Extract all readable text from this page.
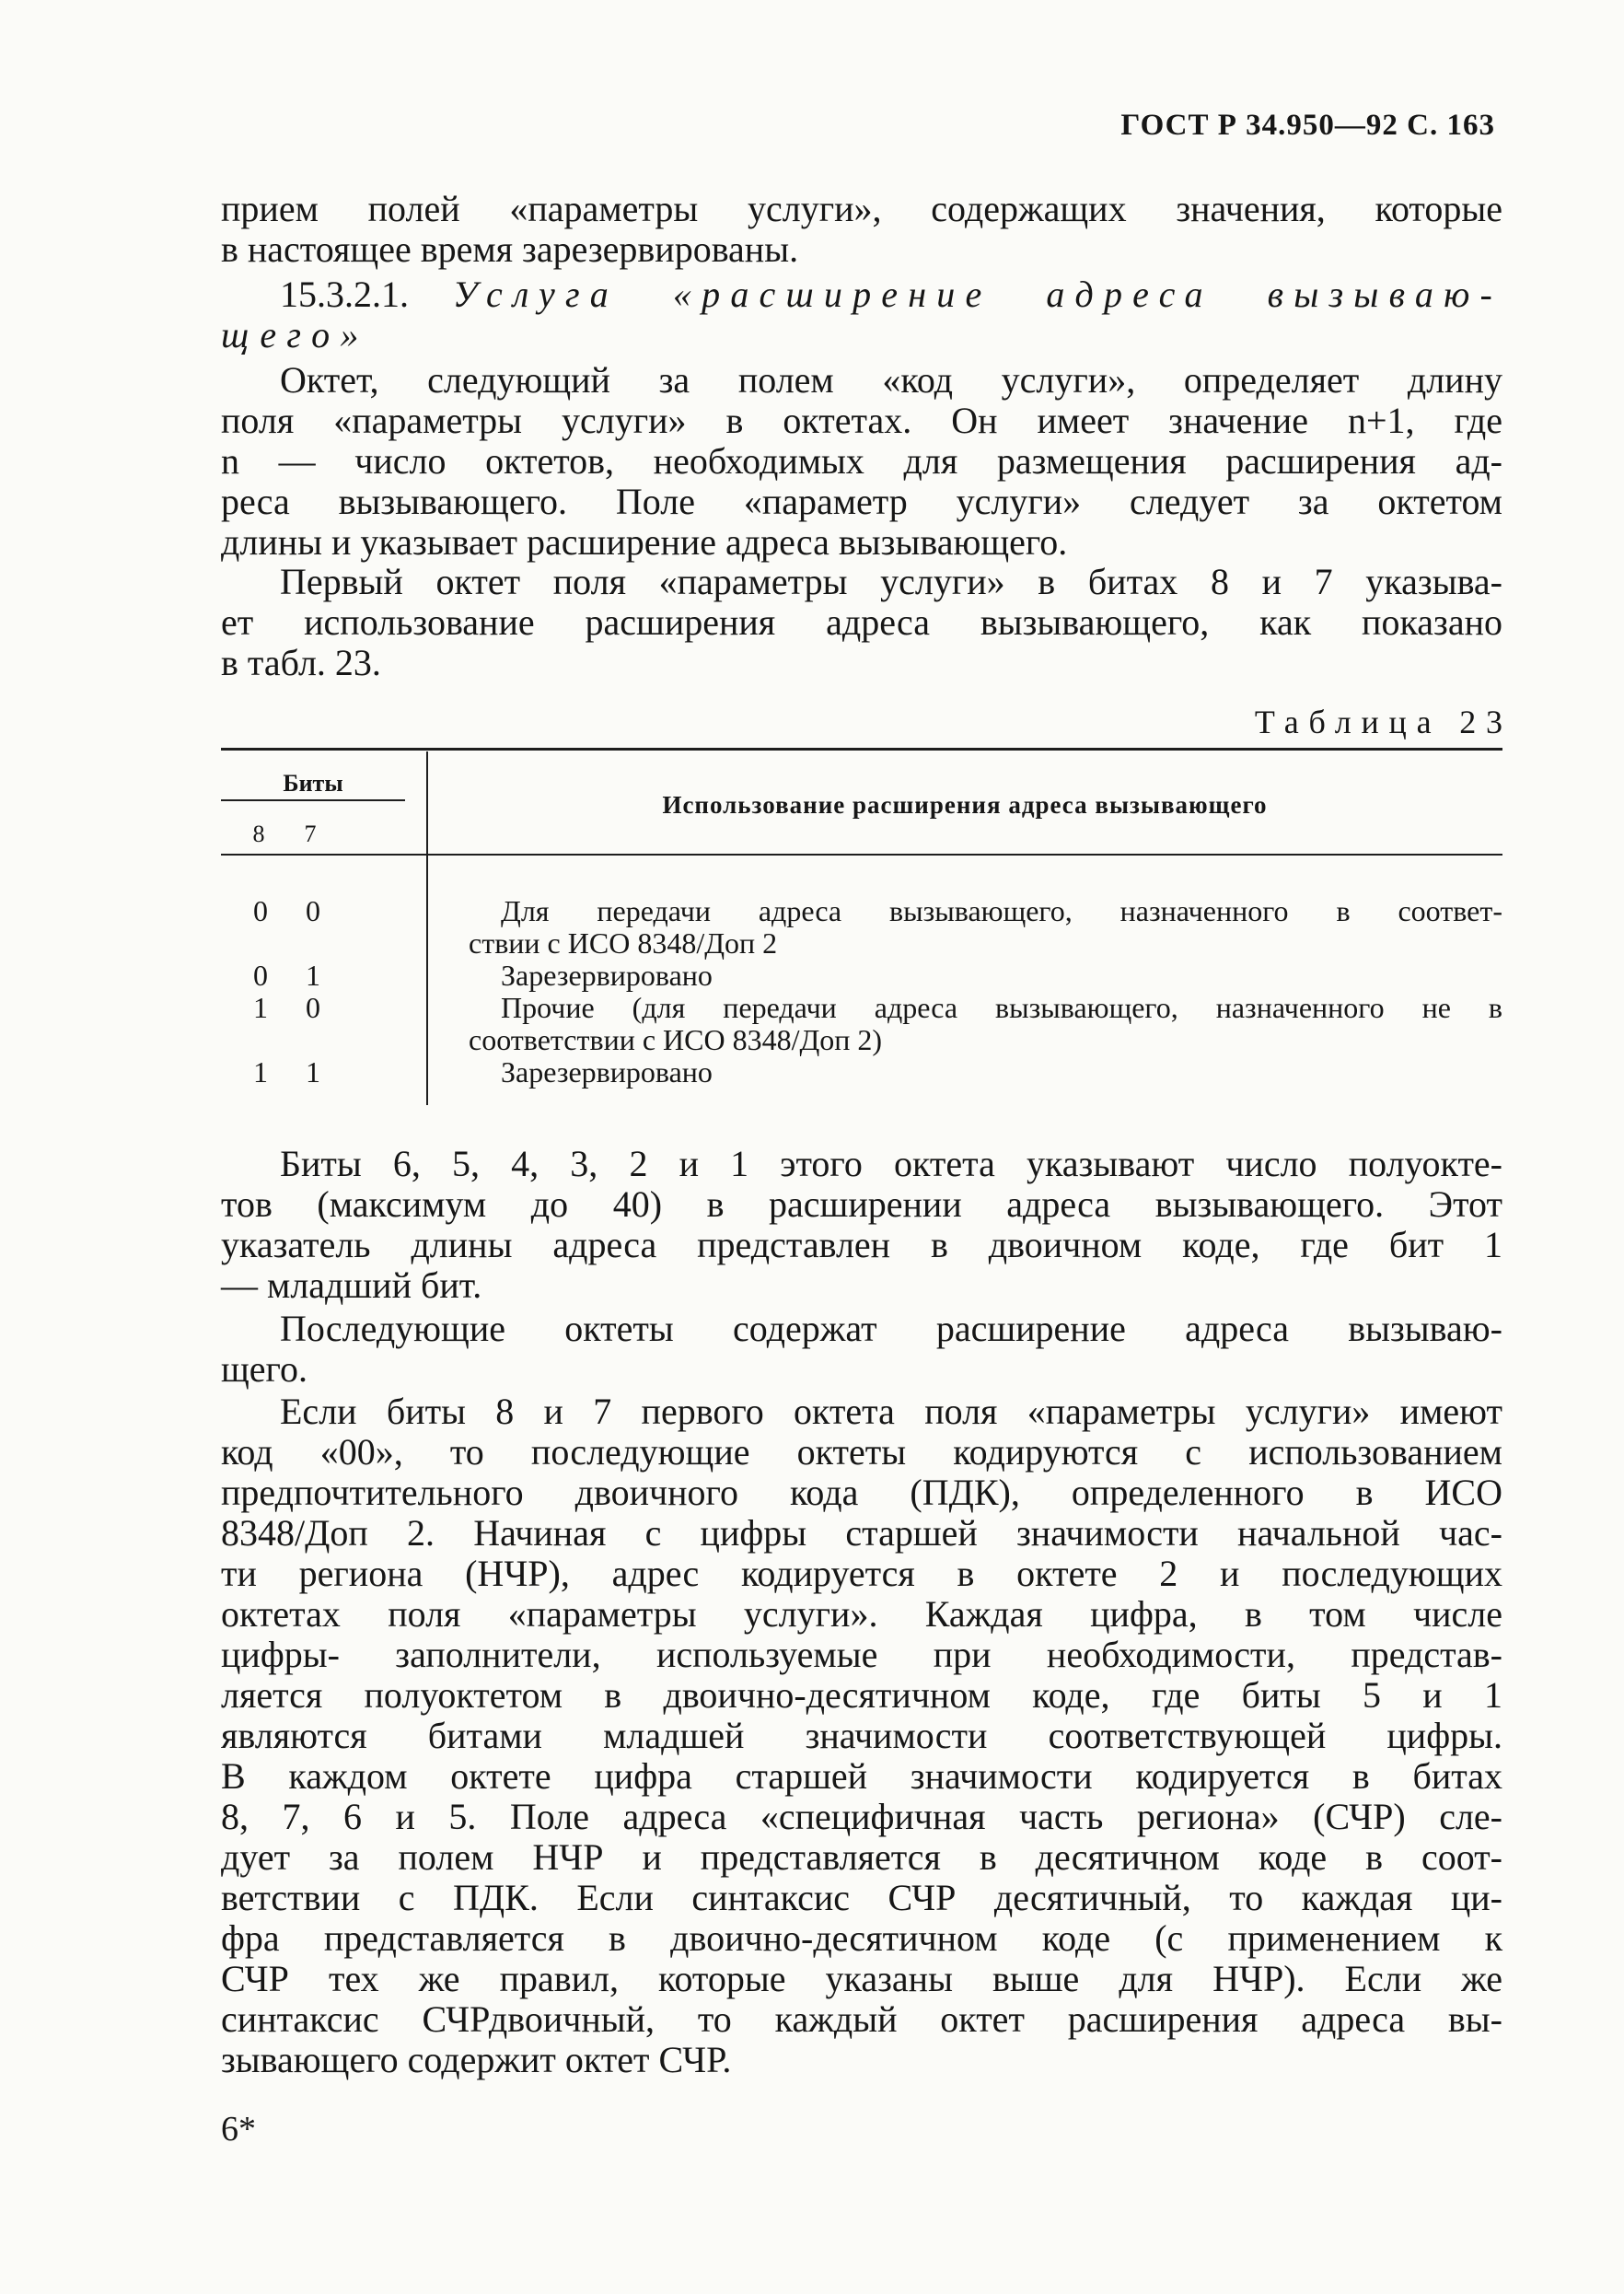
ГОСТ Р 34.950—92 С. 163
прием полей «параметры услуги», содержащих значения, которые
в настоящее время зарезервированы.
15.3.2.1. Услуга «расширение адреса вызываю-
щего»
Октет, следующий за полем «код услуги», определяет длину
поля «параметры услуги» в октетах. Он имеет значение n+1, где
n — число октетов, необходимых для размещения расширения ад-
реса вызывающего. Поле «параметр услуги» следует за октетом
длины и указывает расширение адреса вызывающего.
Первый октет поля «параметры услуги» в битах 8 и 7 указыва-
ет использование расширения адреса вызывающего, как показано
в табл. 23.
Таблица 23
Биты
8	7
Использование расширения адреса вызывающего
0 0	Для передачи адреса вызывающего, назначенного в соответ-
ствии с ИСО 8348/Доп 2
0 1	Зарезервировано
1 0	Прочие (для передачи адреса вызывающего, назначенного не в
соответствии с ИСО 8348/Доп 2)
1 1	Зарезервировано
Биты 6, 5, 4, 3, 2 и 1 этого октета указывают число полуокте-
тов (максимум до 40) в расширении адреса вызывающего. Этот
указатель длины адреса представлен в двоичном коде, где бит 1
— младший бит.
Последующие октеты содержат расширение адреса вызываю-
щего.
Если биты 8 и 7 первого октета поля «параметры услуги» имеют
код «00», то последующие октеты кодируются с использованием
предпочтительного двоичного кода (ПДК), определенного в ИСО
8348/Доп 2. Начиная с цифры старшей значимости начальной час-
ти региона (НЧР), адрес кодируется в октете 2 и последующих
октетах поля «параметры услуги». Каждая цифра, в том числе
цифры- заполнители, используемые при необходимости, представ-
ляется полуоктетом в двоично-десятичном коде, где биты 5 и 1
являются битами младшей значимости соответствующей цифры.
В каждом октете цифра старшей значимости кодируется в битах
8, 7, 6 и 5. Поле адреса «специфичная часть региона» (СЧР) сле-
дует за полем НЧР и представляется в десятичном коде в соот-
ветствии с ПДК. Если синтаксис СЧР десятичный, то каждая ци-
фра представляется в двоично-десятичном коде (с применением к
СЧР тех же правил, которые указаны выше для НЧР). Если же
синтаксис СЧРдвоичный, то каждый октет расширения адреса вы-
зывающего содержит октет СЧР.
6*
